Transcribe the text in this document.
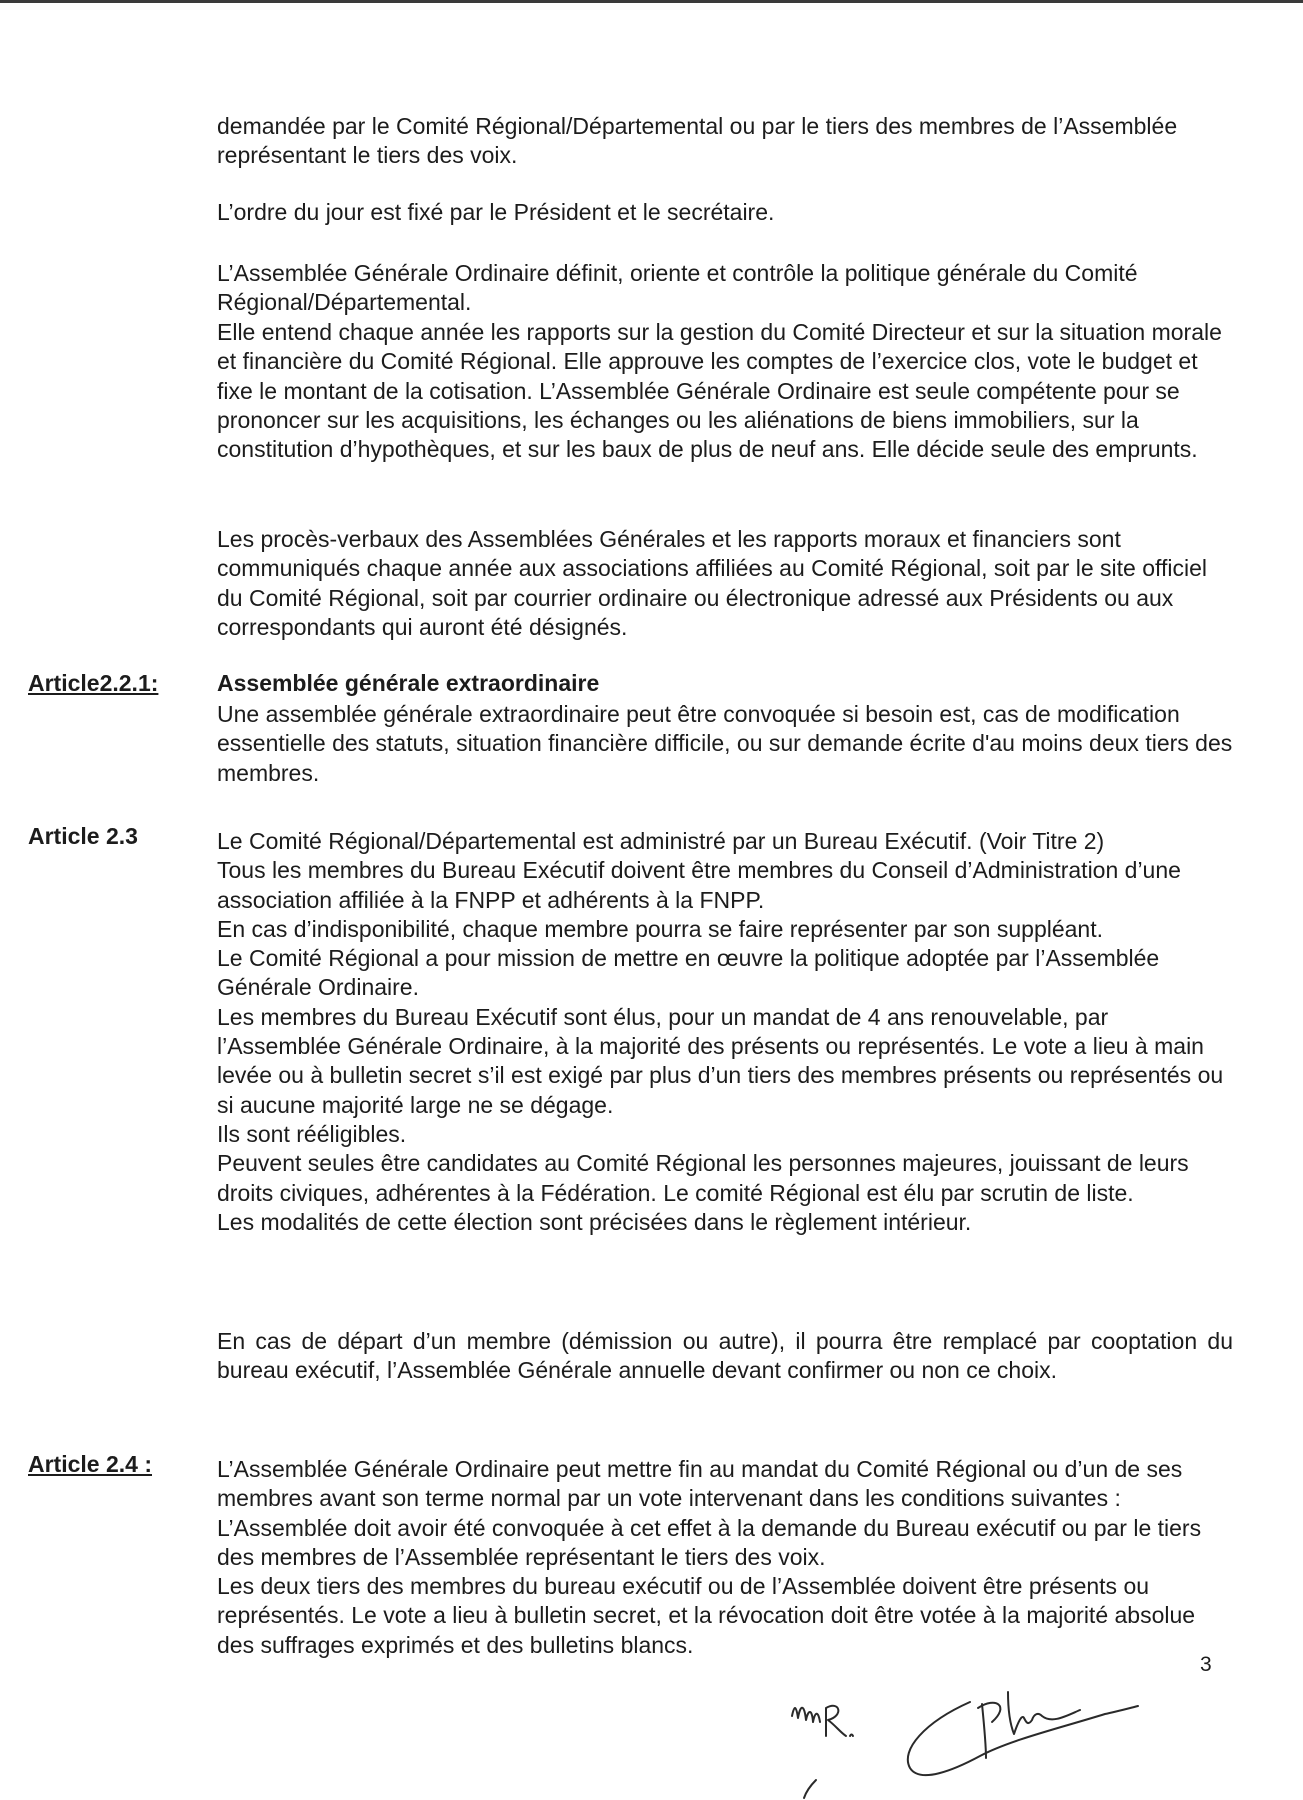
demandée par le Comité Régional/Départemental ou par le tiers des membres de l’Assemblée représentant le tiers des voix.

L’ordre du jour est fixé par le Président et le secrétaire.

L’Assemblée Générale Ordinaire définit, oriente et contrôle la politique générale du Comité Régional/Départemental.

Elle entend chaque année les rapports sur la gestion du Comité Directeur et sur la situation morale et financière du Comité Régional. Elle approuve les comptes de l’exercice clos, vote le budget et fixe le montant de la cotisation. L’Assemblée Générale Ordinaire est seule compétente pour se prononcer sur les acquisitions, les échanges ou les aliénations de biens immobiliers, sur la constitution d’hypothèques, et sur les baux de plus de neuf ans. Elle décide seule des emprunts.

Les procès-verbaux des Assemblées Générales et les rapports moraux et financiers sont communiqués chaque année aux associations affiliées au Comité Régional, soit par le site officiel du Comité Régional, soit par courrier ordinaire ou électronique adressé aux Présidents ou aux correspondants qui auront été désignés.

Article2.2.1:	Assemblée générale extraordinaire

Une assemblée générale extraordinaire peut être convoquée si besoin est, cas de modification essentielle des statuts, situation financière difficile, ou sur demande écrite d'au moins deux tiers des membres.

Article 2.3	Le Comité Régional/Départemental est administré par un Bureau Exécutif. (Voir Titre 2)
Tous les membres du Bureau Exécutif doivent être membres du Conseil d’Administration d’une association affiliée à la FNPP et adhérents à la FNPP.
En cas d’indisponibilité, chaque membre pourra se faire représenter par son suppléant.
Le Comité Régional a pour mission de mettre en œuvre la politique adoptée par l’Assemblée Générale Ordinaire.
Les membres du Bureau Exécutif sont élus, pour un mandat de 4 ans renouvelable, par l’Assemblée Générale Ordinaire, à la majorité des présents ou représentés. Le vote a lieu à main levée ou à bulletin secret s’il est exigé par plus d’un tiers des membres présents ou représentés ou si aucune majorité large ne se dégage.
Ils sont rééligibles.
Peuvent seules être candidates au Comité Régional les personnes majeures, jouissant de leurs droits civiques, adhérentes à la Fédération. Le comité Régional est élu par scrutin de liste.
Les modalités de cette élection sont précisées dans le règlement intérieur.

En cas de départ d’un membre (démission ou autre), il pourra être remplacé par cooptation du bureau exécutif, l’Assemblée Générale annuelle devant confirmer ou non ce choix.

Article 2.4 :	L’Assemblée Générale Ordinaire peut mettre fin au mandat du Comité Régional ou d’un de ses membres avant son terme normal par un vote intervenant dans les conditions suivantes :
L’Assemblée doit avoir été convoquée à cet effet à la demande du Bureau exécutif ou par le tiers des membres de l’Assemblée représentant le tiers des voix.
Les deux tiers des membres du bureau exécutif ou de l’Assemblée doivent être présents ou représentés. Le vote a lieu à bulletin secret, et la révocation doit être votée à la majorité absolue des suffrages exprimés et des bulletins blancs.
3
